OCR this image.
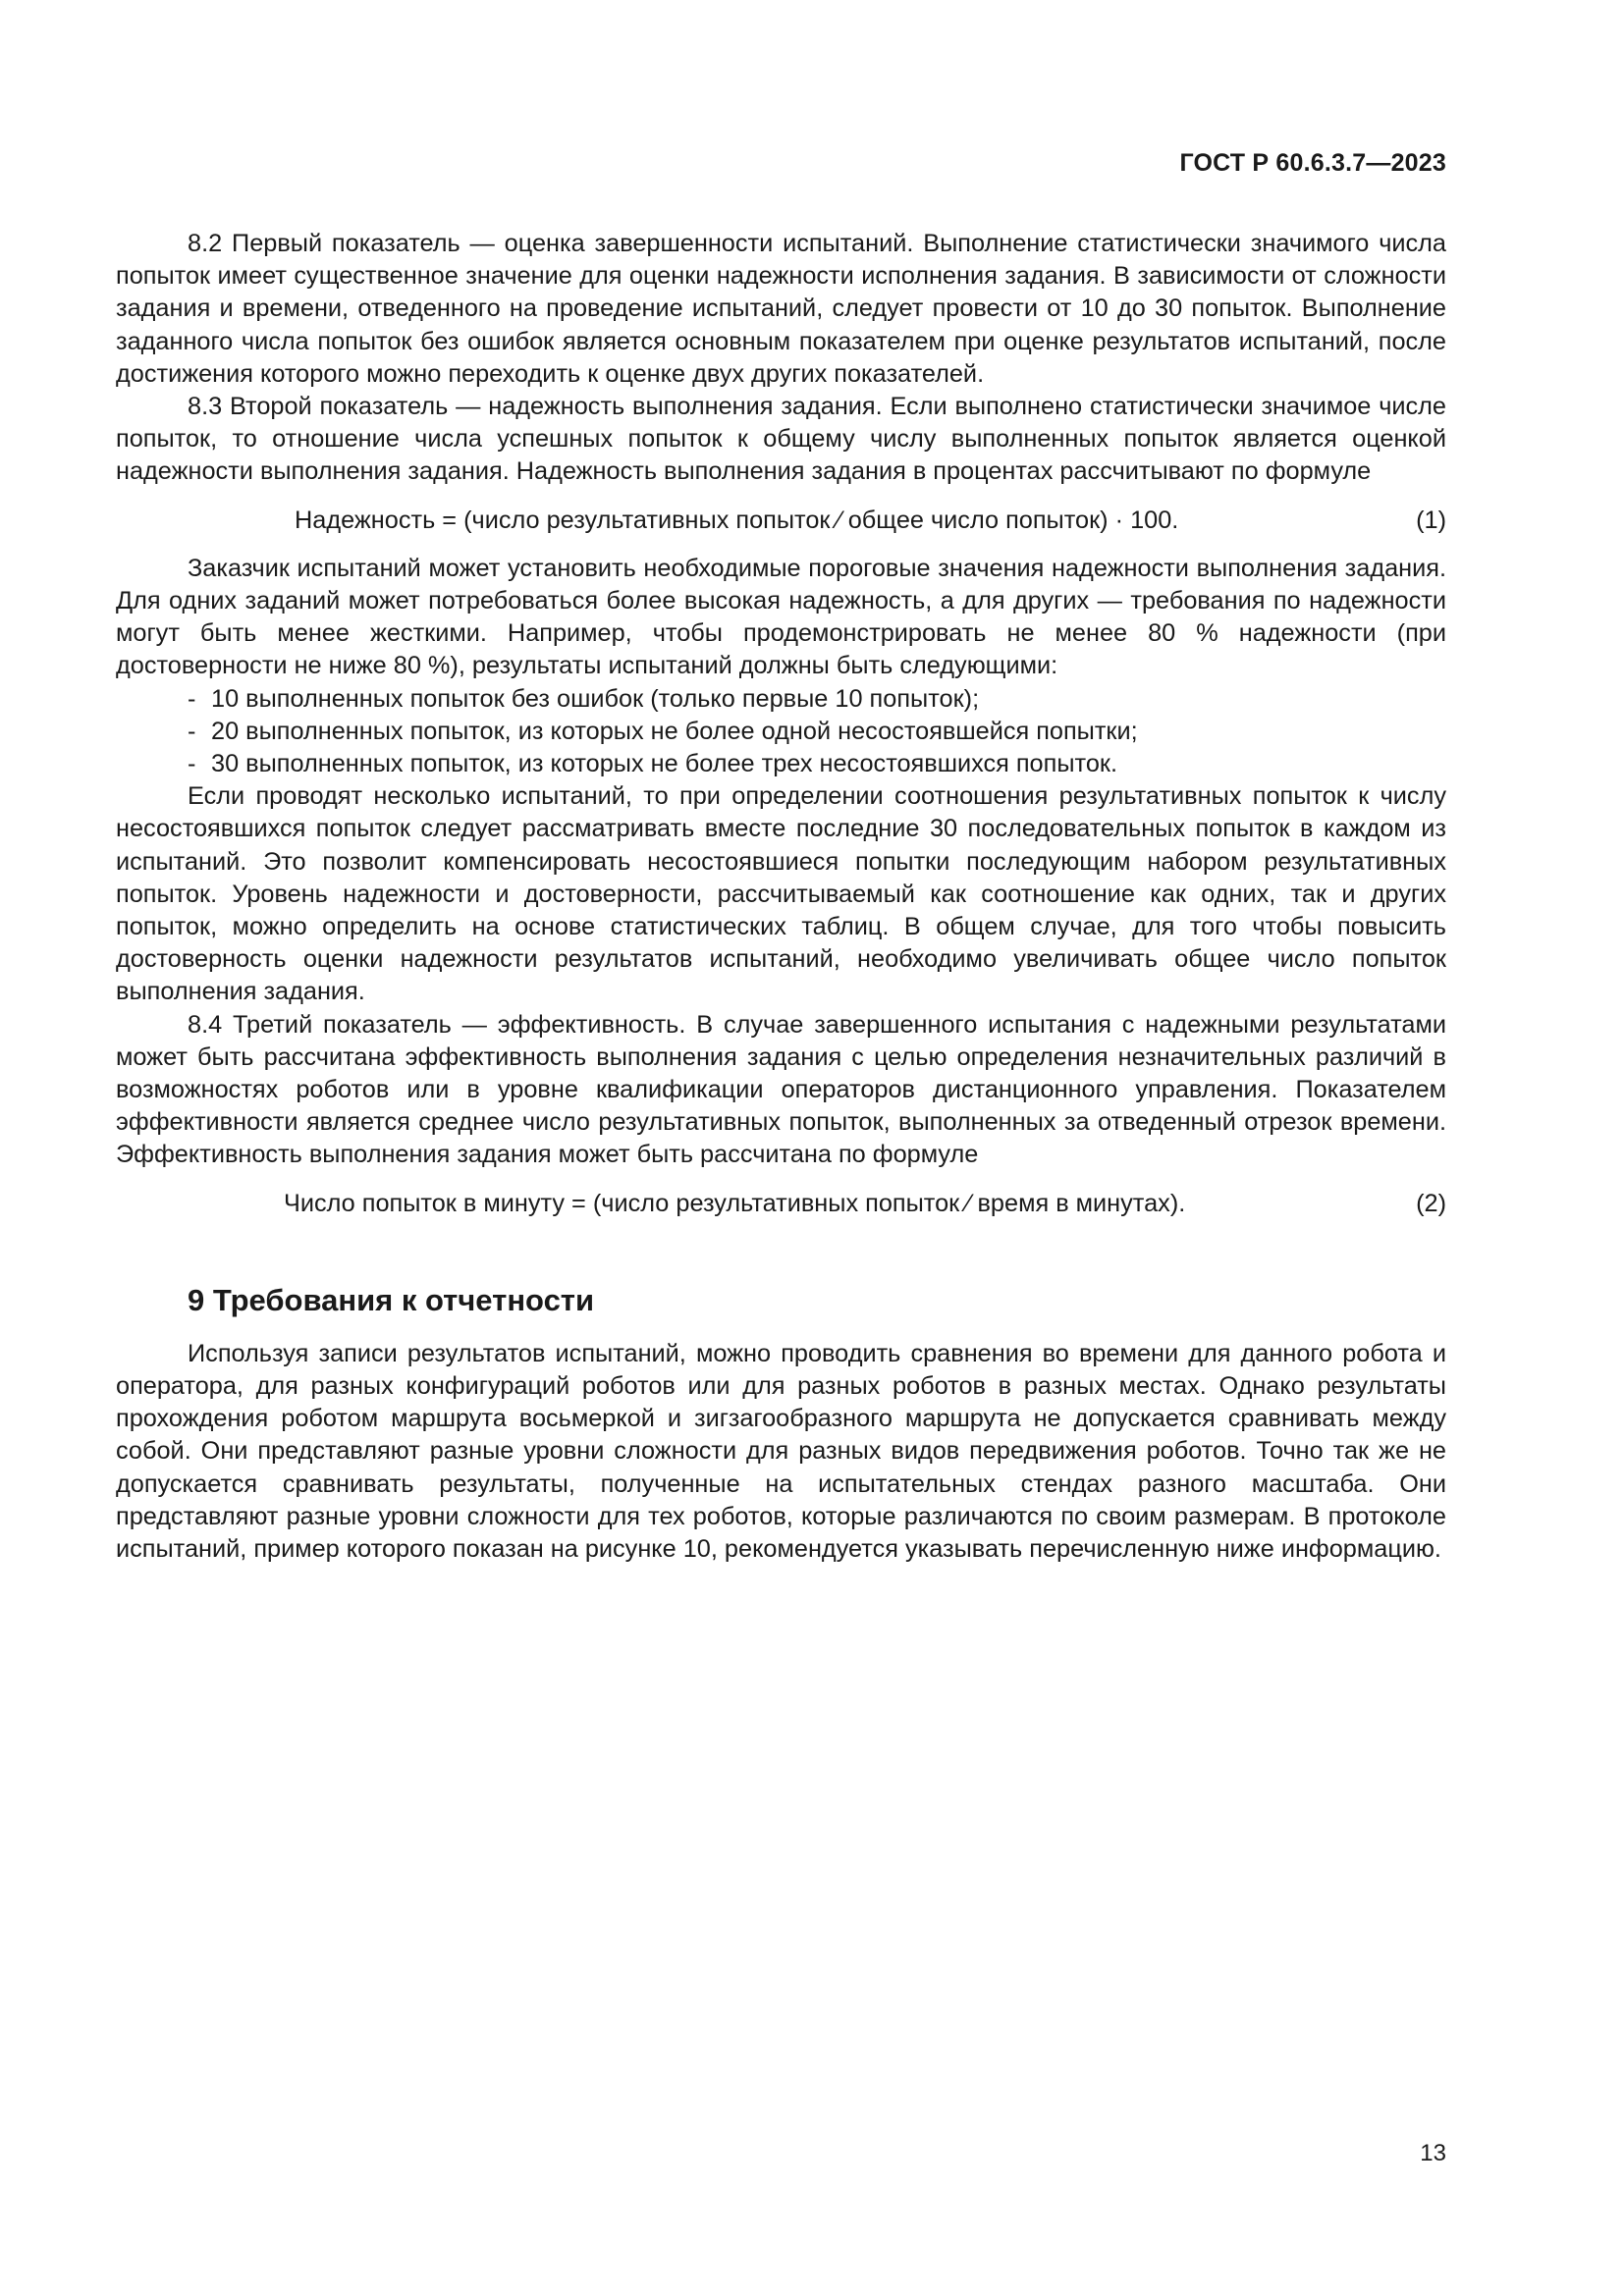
ГОСТ Р 60.6.3.7—2023

8.2 Первый показатель — оценка завершенности испытаний. Выполнение статистически значимого числа попыток имеет существенное значение для оценки надежности исполнения задания. В зависимости от сложности задания и времени, отведенного на проведение испытаний, следует провести от 10 до 30 попыток. Выполнение заданного числа попыток без ошибок является основным показателем при оценке результатов испытаний, после достижения которого можно переходить к оценке двух других показателей.

8.3 Второй показатель — надежность выполнения задания. Если выполнено статистически значимое числе попыток, то отношение числа успешных попыток к общему числу выполненных попыток является оценкой надежности выполнения задания. Надежность выполнения задания в процентах рассчитывают по формуле

Надежность = (число результативных попыток ⁄ общее число попыток) · 100.	(1)

Заказчик испытаний может установить необходимые пороговые значения надежности выполнения задания. Для одних заданий может потребоваться более высокая надежность, а для других — требования по надежности могут быть менее жесткими. Например, чтобы продемонстрировать не менее 80 % надежности (при достоверности не ниже 80 %), результаты испытаний должны быть следующими:

- 10 выполненных попыток без ошибок (только первые 10 попыток);
- 20 выполненных попыток, из которых не более одной несостоявшейся попытки;
- 30 выполненных попыток, из которых не более трех несостоявшихся попыток.

Если проводят несколько испытаний, то при определении соотношения результативных попыток к числу несостоявшихся попыток следует рассматривать вместе последние 30 последовательных попыток в каждом из испытаний. Это позволит компенсировать несостоявшиеся попытки последующим набором результативных попыток. Уровень надежности и достоверности, рассчитываемый как соотношение как одних, так и других попыток, можно определить на основе статистических таблиц. В общем случае, для того чтобы повысить достоверность оценки надежности результатов испытаний, необходимо увеличивать общее число попыток выполнения задания.

8.4 Третий показатель — эффективность. В случае завершенного испытания с надежными результатами может быть рассчитана эффективность выполнения задания с целью определения незначительных различий в возможностях роботов или в уровне квалификации операторов дистанционного управления. Показателем эффективности является среднее число результативных попыток, выполненных за отведенный отрезок времени. Эффективность выполнения задания может быть рассчитана по формуле

Число попыток в минуту = (число результативных попыток ⁄ время в минутах).	(2)
9 Требования к отчетности

Используя записи результатов испытаний, можно проводить сравнения во времени для данного робота и оператора, для разных конфигураций роботов или для разных роботов в разных местах. Однако результаты прохождения роботом маршрута восьмеркой и зигзагообразного маршрута не допускается сравнивать между собой. Они представляют разные уровни сложности для разных видов передвижения роботов. Точно так же не допускается сравнивать результаты, полученные на испытательных стендах разного масштаба. Они представляют разные уровни сложности для тех роботов, которые различаются по своим размерам. В протоколе испытаний, пример которого показан на рисунке 10, рекомендуется указывать перечисленную ниже информацию.

13
